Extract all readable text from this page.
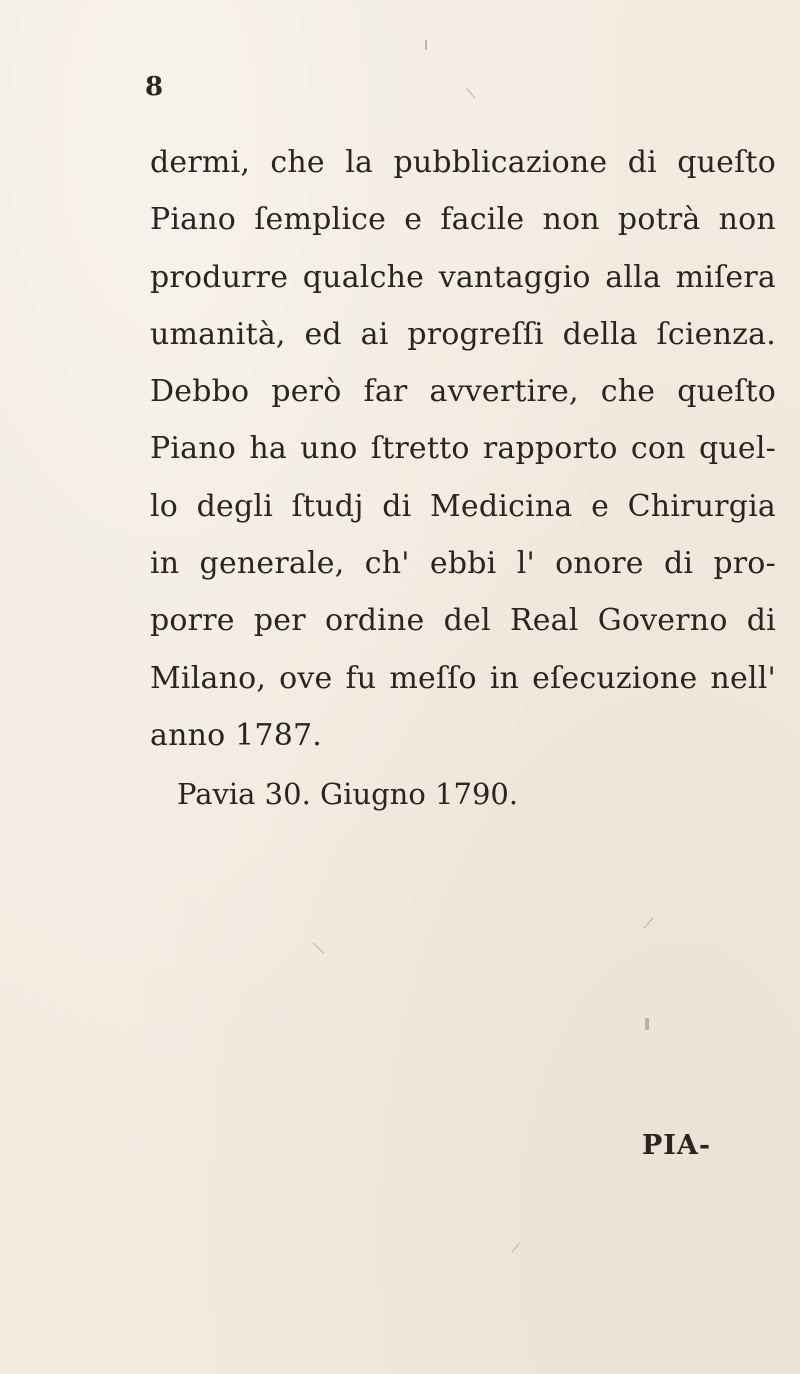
8
dermi, che la pubblicazione di queſto
Piano ſemplice e facile non potrà non
produrre qualche vantaggio alla miſera
umanità, ed ai progreſſi della ſcienza.
Debbo però far avvertire, che queſto
Piano ha uno ſtretto rapporto con quel-
lo degli ſtudj di Medicina e Chirurgia
in generale, ch' ebbi l' onore di pro-
porre per ordine del Real Governo di
Milano, ove fu meſſo in eſecuzione nell'
anno 1787.
Pavia 30. Giugno 1790.
PIA-
